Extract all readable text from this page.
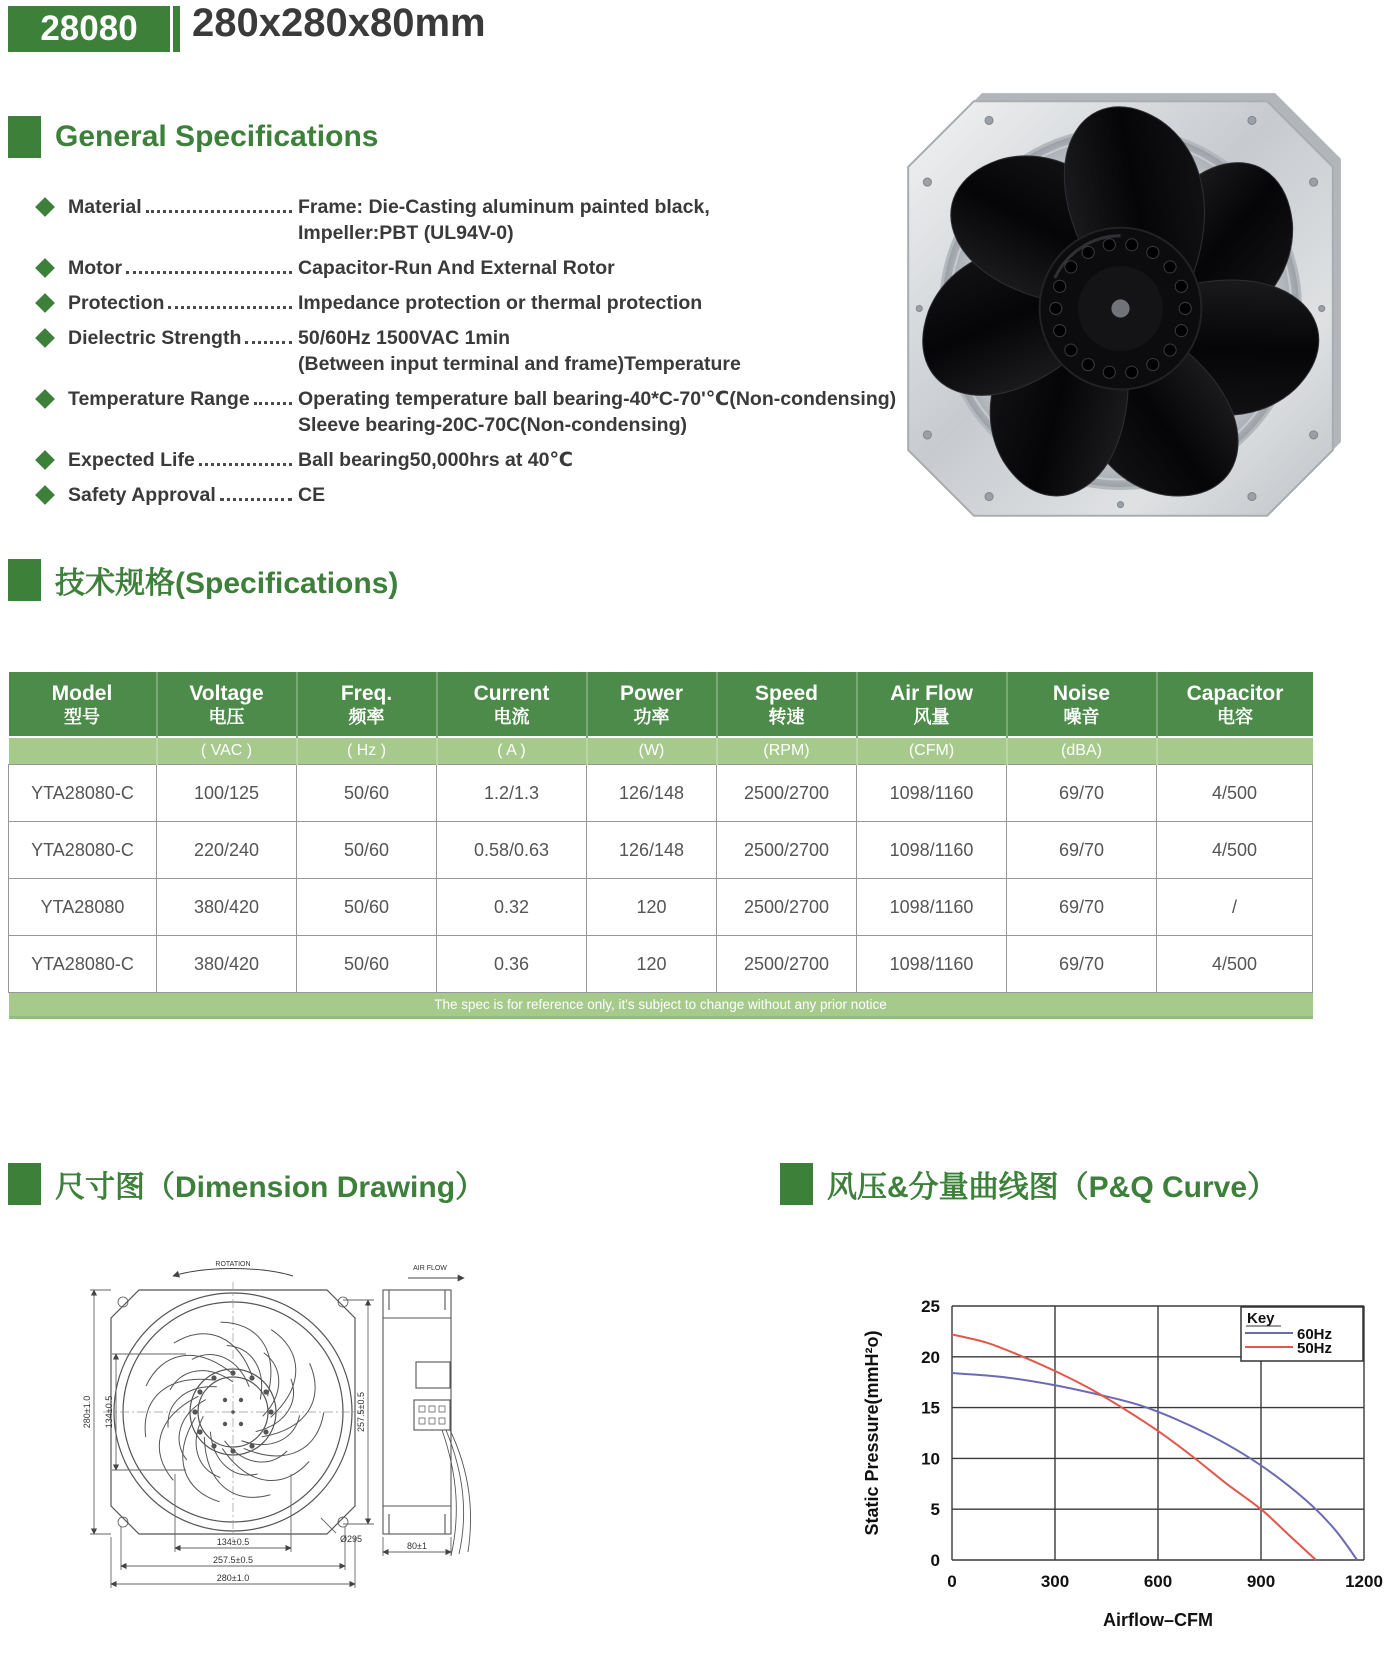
28080	280x280x80mm
General Specifications
Material	Frame: Die-Casting aluminum painted black,
Impeller:PBT (UL94V-0)
Motor	Capacitor-Run And External Rotor
Protection	Impedance protection or thermal protection
Dielectric Strength	50/60Hz 1500VAC 1min
(Between input terminal and frame)Temperature
Temperature Range Operating temperature ball bearing-40*C-70'℃(Non-condensing)
Sleeve bearing-20C-70C(Non-condensing)
Expected Life	Ball bearing50,000hrs at 40℃
Safety Approval	CE
技术规格(Specifications)
Model
型号

Voltage
电压

Freq.
频率

Current
电流

Power
功率

Speed
转速

Air Flow
风量

Noise
噪音

Capacitor
电容

	( VAC )	( Hz )	( A )	(W)	(RPM)	(CFM)	(dBA)	
YTA28080-C	100/125	50/60	1.2/1.3	126/148	2500/2700	1098/1160	69/70	4/500
YTA28080-C	220/240	50/60	0.58/0.63	126/148	2500/2700	1098/1160	69/70	4/500
YTA28080	380/420	50/60	0.32	120	2500/2700	1098/1160	69/70	/
YTA28080-C	380/420	50/60	0.36	120	2500/2700	1098/1160	69/70	4/500
The spec is for reference only, it's subject to change without any prior notice								
尺寸图（Dimension Drawing）	风压&分量曲线图（P&Q Curve）
ROTATION
280±1.0 134±0.5	257.5±0.5
134±0.5
257.5±0.5
280±1.0
Ø295
AIR FLOW
80±1
0	300	600	900	1200
0
5
10
15
20
25
Static Pressure(mmH²o)
Airflow–CFM
Key
60Hz
50Hz
